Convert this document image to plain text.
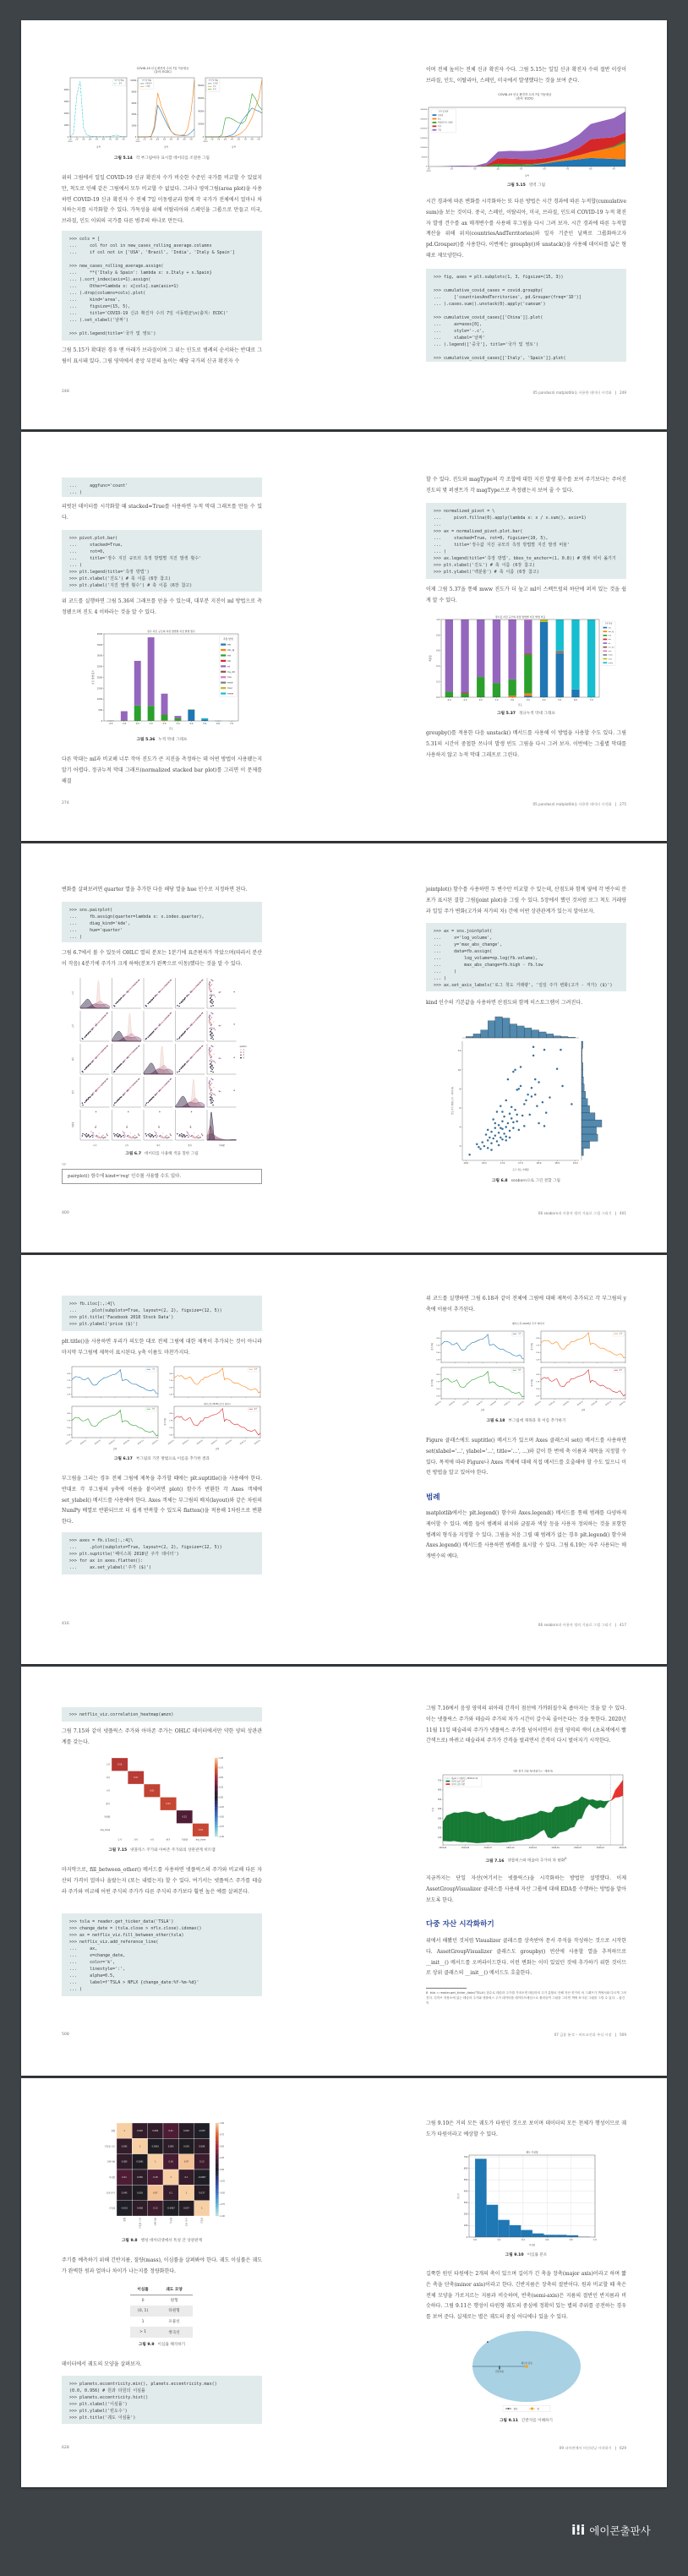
COVID-19 신규 확진자 수의 7일 이동평균
(출처: ECDC)
0
1000
2000
3000
4000
1월
2020
2월 3월 4월 5월 6월 7월 8월 9월
날짜
국가 및 영토
중국
0
2000
4000
6000
8000
10000
1월
2020
2월 3월 4월 5월 6월 7월 8월 9월
날짜
국가 및 영토
이탈리아
스페인
0
20000
40000
60000
80000
1월
2020
2월 3월 4월 5월 6월 7월 8월 9월
날짜
국가 및 영토
브라질
인도
미국
그림 5.14 각 부그림마다 표시할 데이터를 조절한 그림

위의 그림에서 일일 COVID-19 신규 확진자 수가 비슷한 수준인 국가를 비교할 수 있었지만, 척도로 인해 같은 그림에서 모두 비교할 수 없었다. 그러나 영역그림(area plot)을 사용하면 COVID-19 신규 확진자 수 전체 7일 이동평균과 함께 각 국가가 전체에서 얼마나 차지하는지를 시각화할 수 있다. 가독성을 위해 이탈리아와 스페인을 그룹으로 만들고 미국, 브라질, 인도 이외의 국가를 다른 범주의 하나로 만든다.

>>> cols = [
...     col for col in new_cases_rolling_average.columns
...     if col not in ['USA', 'Brazil', 'India', 'Italy & Spain']

>>> new_cases_rolling_average.assign(
...     **{'Italy & Spain': lambda x: x.Italy + x.Spain}
... ).sort_index(axis=1).assign(
...     Other=lambda x: x[cols].sum(axis=1)
... ).drop(columns=cols).plot(
...     kind='area',
...     figsize=(15, 5),
...     title='COVID-19 신규 확진자 수의 7일 이동평균\n(출처: ECDC)'
... ).set_xlabel('날짜')

>>> plt.legend(title='국가 및 영토')

그림 5.15가 확대된 경우 맨 아래가 브라질이며 그 위는 인도로 범례의 순서와는 반대로 그림이 표시돼 있다. 그림 영역에서 중앙 부분의 높이는 해당 국가의 신규 확진자 수

248

이며 전체 높이는 전체 신규 확진자 수다. 그림 5.15는 일일 신규 확진자 수의 절반 이상이 브라질, 인도, 이탈리아, 스페인, 미국에서 발생했다는 것을 보여 준다.

COVID-19 신규 확진자 수의 7일 이동평균
(출처: ECDC)
0
50000
100000
150000
200000
250000
300000
1월
2020
2월	3월	4월	5월	6월	7월	8월	9월
날짜
국가 및 영토
브라질
인도
이탈리아 & 스페인
미국
기타
그림 5.15 영역 그림

시간 경과에 따른 변화를 시각화하는 또 다른 방법은 시간 경과에 따른 누적합(cumulative sum)을 보는 것이다. 중국, 스페인, 이탈리아, 미국, 브라질, 인도의 COVID-19 누적 확진자 발생 건수를 ax 매개변수를 사용해 부그림을 다시 그려 보자. 시간 경과에 따른 누적합 계산을 위해 위치(countriesAndTerritories)와 일자 기준인 날짜로 그룹화하고자 pd.Grouper()를 사용한다. 이번에는 groupby()와 unstack()을 사용해 데이터를 넓은 형태로 재모양한다.

>>> fig, axes = plt.subplots(1, 3, figsize=(15, 3))

>>> cumulative_covid_cases = covid.groupby(
...     ['countriesAndTerritories', pd.Grouper(freq='1D')]
... ).cases.sum().unstack(0).apply('cumsum')

>>> cumulative_covid_cases[['China']].plot(
...     ax=axes[0],
...     style='-.c',
...     xlabel='날짜'
... ).legend(['중국'], title='국가 및 영토')

>>> cumulative_covid_cases[['Italy', 'Spain']].plot(
05 pandas와 matplotlib를 사용한 데이터 시각화 | 249
...     aggfunc='count'
... )

피벗된 데이터를 시각화할 때 stacked=True를 사용하면 누적 막대 그래프를 만들 수 있다.

>>> pivot.plot.bar(
...     stacked=True,
...     rot=0,
...     title='정수 지진 규모의 측정 방법별 지진 발생 횟수'
... )
>>> plt.legend(title='측정 방법')
>>> plt.xlabel('진도') # 축 이름 (6장 참고)
>>> plt.ylabel('지진 발생 횟수') # 축 이름 (6장 참고)

위 코드를 실행하면 그림 5.36의 그래프를 얻을 수 있는데, 대부분 지진이 ml 방법으로 측정됐으며 진도 4 이하라는 것을 알 수 있다.

정수 지진 규모의 측정 방법별 지진 발생 횟수
0
500
1000
1500
2000
2500
3000
3500
4000
-2.0	-1.0	0.0	1.0	2.0	3.0	4.0	5.0	6.0	7.0
진도
지진 발생 횟수
측정 방법
mb
mb_lg
md
mh
ml
ms_20
mw
mwb
mwr
mww
그림 5.36 누적 막대 그래프

다른 막대는 ml과 비교해 너무 작아 진도가 큰 지진을 측정하는 데 어떤 방법이 사용됐는지 알기 어렵다. 정규누적 막대 그래프(normalized stacked bar plot)를 그리면 이 문제를 해결

274

할 수 있다. 진도와 magType의 각 조합에 대한 지진 발생 횟수를 보여 주기보다는 주어진 진도의 몇 퍼센트가 각 magType으로 측정됐는지 보여 줄 수 있다.

>>> normalized_pivot = \
...     pivot.fillna(0).apply(lambda x: x / x.sum(), axis=1)
...
>>> ax = normalized_pivot.plot.bar(
...     stacked=True, rot=0, figsize=(10, 5),
...     title='정수값 지진 규모의 측정 방법별 지진 발생 비율'
... )
>>> ax.legend(title='측정 방법', bbox_to_anchor=(1, 0.8)) # 범례 위치 옮기기
>>> plt.xlabel('진도') # 축 이름 (6장 참고)
>>> plt.ylabel('백분율') # 축 이름 (6장 참고)

이제 그림 5.37을 통해 mww 진도가 더 높고 ml이 스펙트럼의 하단에 퍼져 있는 것을 쉽게 알 수 있다.

정수값 지진 규모의 측정 방법별 지진 발생 비율
0.0
0.2
0.4
0.6
0.8
1.0
-2.0	-1.0	0.0	1.0	2.0	3.0	4.0	5.0	6.0	7.0
진도
백분율
측정 방법
mb
mb_lg
md
mh
ml
ms_20
mw
mwb
mwr
mww
그림 5.37 정규누적 막대 그래프

groupby()를 적용한 다음 unstack() 메서드를 사용해 이 방법을 사용할 수도 있다. 그림 5.31의 시간이 중첩한 쓰나미 발생 빈도 그림을 다시 그려 보자. 이번에는 그룹별 막대를 사용하지 않고 누적 막대 그래프로 그린다.

05 pandas와 matplotlib를 사용한 데이터 시각화 | 275

변화를 살펴보려면 quarter 열을 추가한 다음 해당 열을 hue 인수로 지정하면 된다.

>>> sns.pairplot(
...     fb.assign(quarter=lambda x: x.index.quarter),
...     diag_kind='kde',
...     hue='quarter'
... )

그림 6.7에서 볼 수 있듯이 OHLC 열의 분포는 1분기에 표준편차가 작았으며(따라서 분산이 작음) 4분기에 주가가 크게 하락(분포가 왼쪽으로 이동)했다는 것을 알 수 있다.

시가
고가
저가
종가
거래량
시가	고가	저가	종가	거래량
quarter
1
2
3
4
그림 6.7 데이터를 사용해 색을 칠한 그림
TIP
pairplot() 함수에 kind='reg' 인수를 사용할 수도 있다.
400

jointplot() 함수를 사용하면 두 변수만 비교할 수 있는데, 산점도와 함께 옆에 각 변수의 분포가 표시된 결합 그림(joint plot)을 그릴 수 있다. 5장에서 했던 것처럼 로그 척도 거래량과 일일 주가 변화(고가와 저가의 차) 간에 어떤 상관관계가 있는지 알아보자.

>>> ax = sns.jointplot(
...     x='log_volume',
...     y='max_abs_change',
...     data=fb.assign(
...         log_volume=np.log(fb.volume),
...         max_abs_change=fb.high - fb.low
...     )
... )
>>> ax.set_axis_labels('로그 척도 거래량', '일일 주가 변화(고가 - 저가) ($)')

kind 인수의 기본값을 사용하면 산점도와 함께 히스토그램이 그려진다.

2
4
6
8
10
12
16.0	16.5	17.0	17.5	18.0	18.5	19.0
로그 척도 거래량
일일 주가 변화(고가 - 저가) ($)
그림 6.8 seaborn으로 그린 결합 그림
06 seaborn과 사용자 정의 기술로 그림 그리기 | 401
>>> fb.iloc[:,:4]\
...     .plot(subplots=True, layout=(2, 2), figsize=(12, 5))
>>> plt.title('Facebook 2018 Stock Data')
>>> plt.ylabel('price ($)')

plt.title()을 사용하면 우리가 의도한 대로 전체 그림에 대한 제목이 추가되는 것이 아니라 마지막 부그림에 제목이 표시된다. y축 이름도 마찬가지다.

125
150
175
200
시가
125
150
175
200
고가
125
150
175
200
2018-01	2018-03	2018-05	2018-07	2018-09	2018-11	2019-01
날짜
저가
125
150
175
200
2018-01	2018-03	2018-05	2018-07	2018-09	2018-11	2019-01
날짜
종가
주가 ($)
페이스북 2018년 주가 데이터
그림 6.17 부그림의 기본 방법으로 이름을 추가한 결과

부그림을 그리는 경우 전체 그림에 제목을 추가할 때에는 plt.suptitle()을 사용해야 한다. 반대로 각 부그림의 y축에 이름을 붙이려면 plot() 함수가 반환한 각 Axes 객체에 set_ylabel() 메서드를 사용해야 한다. Axes 객체는 부그림의 배치(layout)와 같은 차원의 NumPy 배열로 반환되므로 더 쉽게 반복할 수 있도록 flatten()을 적용해 1차원으로 변환한다.

>>> axes = fb.iloc[:,:4]\
...     .plot(subplots=True, layout=(2, 2), figsize=(12, 5))
>>> plt.suptitle('페이스북 2018년 주가 데이터')
>>> for ax in axes.flatten():
...     ax.set_ylabel('주가 ($)')
416

위 코드를 실행하면 그림 6.18과 같이 전체에 그림에 대해 제목이 추가되고 각 부그림의 y축에 이름이 추가된다.

페이스북 2018년 주가 데이터
125
150
175
200
시가
주가 ($)
125
150
175
200
고가
주가 ($)
125
150
175
200
2018-01	2018-03	2018-05	2018-07	2018-09	2018-11	2019-01
날짜
저가
주가 ($)
125
150
175
200
2018-01	2018-03	2018-05	2018-07	2018-09	2018-11	2019-01
날짜
종가
주가 ($)
그림 6.18 부그림에 제목과 축 이름 추가하기

Figure 클래스에도 suptitle() 메서드가 있으며 Axes 클래스의 set() 메서드를 사용하면 set(xlabel='...', ylabel='...', title='...', ...)와 같이 한 번에 축 이름과 제목을 지정할 수 있다. 목적에 따라 Figure나 Axes 객체에 대해 직접 메서드를 호출해야 할 수도 있으니 이런 방법을 알고 있어야 한다.

범례

matplotlib에서는 plt.legend() 함수와 Axes.legend() 메서드를 통해 범례를 다양하게 제어할 수 있다. 예를 들어 범례의 위치와 글꼴과 색상 등을 사용자 정의하는 것을 포함한 범례의 형식을 지정할 수 있다. 그림을 처음 그릴 때 범례가 없는 경우 plt.legend() 함수와 Axes.legend() 메서드를 사용하면 범례를 표시할 수 있다. 그림 6.19는 자주 사용되는 매개변수의 예다.

06 seaborn과 사용자 정의 기술로 그림 그리기 | 417
>>> netflix_viz.correlation_heatmap(amzn)

그림 7.15와 같이 넷플릭스 주가와 아마존 주가는 OHLC 데이터에서만 약한 양의 상관관계를 갖는다.

0.56
0.57
0.61
0.63
0.22
0.63
고가
고가
저가
저가
시가
시가
종가
종가
거래량
거래량
adj_close
adj_close
1.00
0.75
0.50
0.25
0.00
-0.25
-0.50
-0.75
-1.00
그림 7.15 넷플릭스 주가와 아마존 주가와의 상관관계 히트맵

마지막으로, fill_between_other() 메서드를 사용하면 넷플릭스의 주가와 비교해 다른 자산의 가격이 얼마나 올랐는지 (또는 내렸는지) 할 수 있다. 여기서는 넷플릭스 주가를 테슬라 주가와 비교해 어떤 주식의 주가가 다른 주식의 주가보다 훨씬 높은 예를 살펴본다.

>>> tsla = reader.get_ticker_data('TSLA')
>>> change_date = (tsla.close > nflx.close).idxmax()
>>> ax = netflix_viz.fill_between_other(tsla)
>>> netflix_viz.add_reference_line(
...     ax,
...     x=change_date,
...     color='k',
...     linestyle=':',
...     alpha=0.5,
...     label=f'TSLA > NFLX {change_date:%Y-%m-%d}'
... )
508

그림 7.16에서 음영 영역의 위아래 간격이 점선에 가까워질수록 좁아지는 것을 알 수 있다. 이는 넷플릭스 주가와 테슬라 주가의 차가 시간이 갈수록 줄어든다는 것을 뜻한다. 2020년 11월 11일 테슬라의 주가가 넷플릭스 주가를 넘어서면서 음영 영역의 색이 (초록색에서 빨간색으로) 바뀌고 테슬라의 주가가 간격을 벌리면서 간격이 다시 벌어지기 시작한다.

자산 종가 간의 차(넷플릭스 - 테슬라)
100
200
300
400
500
600
700
2019-01	2019-04	2019-07	2019-10	2020-01	2020-04	2020-07	2020-10	2021-01
가격
테슬라 > 넷플릭스 2020-11-11
자산이 높은 부분
자산이 낮은 부분
그림 7.16 넷플릭스와 테슬라 주가의 차 변화$^8$

지금까지는 단일 자산(여기서는 넷플릭스)을 시각화하는 방법만 설명했다. 이제 AssetGroupVisualizer 클래스를 사용해 자산 그룹에 대해 EDA를 수행하는 방법을 알아보도록 한다.

다중 자산 시각화하기

위에서 해봤던 것처럼 Visualizer 클래스를 상속받아 문서 주석을 작성하는 것으로 시작한다. AssetGroupVisualizer 클래스도 groupby() 연산에 사용할 열을 추적하므로 __init__() 메서드를 오버라이드한다. 이런 변화는 이미 있었던 것에 추가하기 위한 것이므로 상위 클래스의 __init__() 메서드도 호출한다.

8 tsla = reader.get_ticker_data('TSLA') 함수로 테슬라 주가를 가져오면 테슬라의 주가 분할로 인해 자산 종가의 차 그래프가 책에서와 다르게 그려진다. 깃허브 저장소에 있는 테슬라 주가와 넷플릭스 주가 데이터를 데이터프레임으로 불러들여 그림을 그리면 책에 표시된 그림을 그릴 수 있다. – 옮긴이
07 금융 분석 – 비트코인과 주식 시장 | 509
1	0.092	0.082	0.21	0.045	-0.015
0.092	1	0.0061	0.065	0.003	0.068
0.082	0.0061	1	0.18	0.97	0.13
0.21	0.065	0.18	1	0.1	-0.0067
0.045	0.003	0.97	0.1	1	0.037
-0.015	0.068	0.13	-0.0067	0.037	1
질량
질량
근일점 시간
근일점 시간
긴반지름
긴반지름
이심률
이심률
공전 주기
공전 주기
근일점
근일점
1.00
0.75
0.50
0.25
0.00
-0.25
-0.50
-0.75
-1.00
그림 9.8 행성 데이터셋에서 특성 간 상관관계

주기를 예측하기 위해 긴반지름, 질량(mass), 이심률을 살펴봐야 한다. 궤도 이심률은 궤도가 완벽한 원과 얼마나 차이가 나는지를 정량화한다.

이심률	궤도 모양
0	원형
(0, 1)	타원형
1	포물선
> 1	쌍곡선
그림 9.9 이심률 해석하기

데이터에서 궤도의 모양을 살펴보자.

>>> planets.eccentricity.min(), planets.eccentricity.max()
(0.0, 0.956) # 원과 타원의 이심률
>>> planets.eccentricity.hist()
>>> plt.xlabel('이심률')
>>> plt.ylabel('빈도수')
>>> plt.title('궤도 이심률')
628

그림 9.10은 거의 모든 궤도가 타원인 것으로 보이며 데이터의 모든 천체가 행성이므로 궤도가 타원이라고 예상할 수 있다.

궤도 이심률
0
100
200
300
400
500
600
700
0.0	0.2	0.4	0.6	0.8	1.0
이심률
빈도수
그림 9.10 이심률 분포

길쭉한 원인 타원에는 2개의 축이 있으며 길이가 긴 축을 장축(major axis)이라고 하며 짧은 축을 단축(minor axis)이라고 한다. 긴반지름은 장축의 절반이다. 원과 비교할 때 축은 전체 모양을 가로지르는 지름과 비슷하며, 반축(semi-axis)은 지름의 절반인 반지름과 비슷하다. 그림 9.11은 행성이 타원형 궤도의 중심에 정확히 있는 별의 주위를 공전하는 경우를 보여 준다. 실제로는 별은 궤도의 중심 어디에나 있을 수 있다.

긴반지름
궤도의 중심
행성	별
그림 9.11 긴반지름 이해하기
09 파이썬에서 머신러닝 시작하기 | 629
i!i 에이콘출판사
